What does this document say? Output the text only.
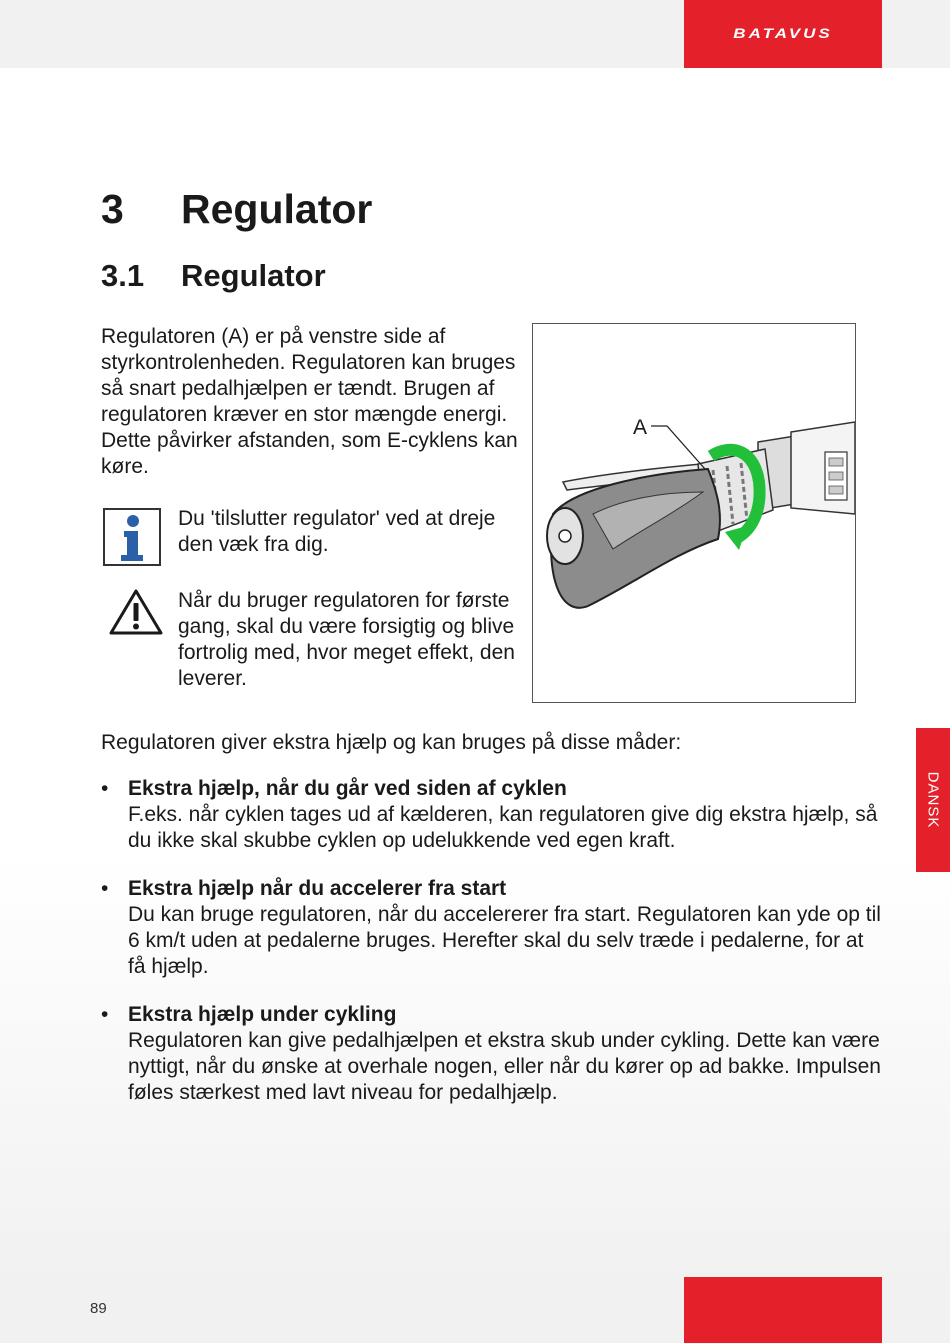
BATAVUS
3 Regulator
3.1 Regulator
Regulatoren (A) er på venstre side af styrkontrolenheden. Regulatoren kan bruges så snart pedalhjælpen er tændt. Brugen af regulatoren kræver en stor mængde energi. Dette påvirker afstanden, som E-cyklens kan køre.
Du 'tilslutter regulator' ved at dreje den væk fra dig.
Når du bruger regulatoren for første gang, skal du være forsigtig og blive fortrolig med, hvor meget effekt, den leverer.
A
Regulatoren giver ekstra hjælp og kan bruges på disse måder:
• Ekstra hjælp, når du går ved siden af cyklen
F.eks. når cyklen tages ud af kælderen, kan regulatoren give dig ekstra hjælp, så du ikke skal skubbe cyklen op udelukkende ved egen kraft.
• Ekstra hjælp når du accelerer fra start
Du kan bruge regulatoren, når du accelererer fra start. Regulatoren kan yde op til 6 km/t uden at pedalerne bruges. Herefter skal du selv træde i pedalerne, for at få hjælp.
• Ekstra hjælp under cykling
Regulatoren kan give pedalhjælpen et ekstra skub under cykling. Dette kan være nyttigt, når du ønske at overhale nogen, eller når du kører op ad bakke. Impulsen føles stærkest med lavt niveau for pedalhjælp.
DANSK
89
